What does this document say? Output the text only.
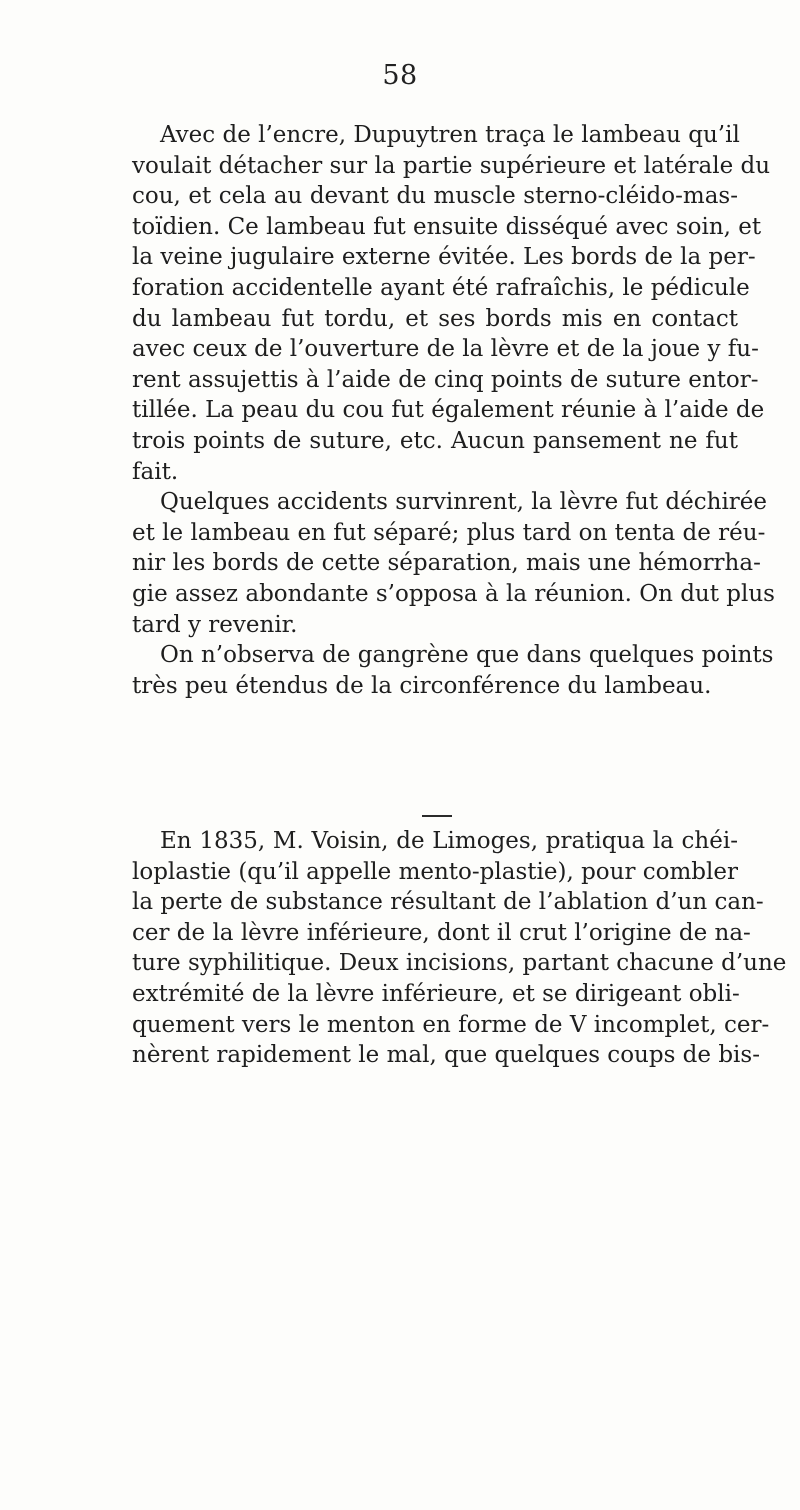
58
Avec de l’encre, Dupuytren traça le lambeau qu’il
voulait détacher sur la partie supérieure et latérale du
cou, et cela au devant du muscle sterno-cléido-mas-
toïdien. Ce lambeau fut ensuite disséqué avec soin, et
la veine jugulaire externe évitée. Les bords de la per-
foration accidentelle ayant été rafraîchis, le pédicule
du lambeau fut tordu, et ses bords mis en contact
avec ceux de l’ouverture de la lèvre et de la joue y fu-
rent assujettis à l’aide de cinq points de suture entor-
tillée. La peau du cou fut également réunie à l’aide de
trois points de suture, etc. Aucun pansement ne fut
fait.
Quelques accidents survinrent, la lèvre fut déchirée
et le lambeau en fut séparé; plus tard on tenta de réu-
nir les bords de cette séparation, mais une hémorrha-
gie assez abondante s’opposa à la réunion. On dut plus
tard y revenir.
On n’observa de gangrène que dans quelques points
très peu étendus de la circonférence du lambeau.
En 1835, M. Voisin, de Limoges, pratiqua la chéi-
loplastie (qu’il appelle mento-plastie), pour combler
la perte de substance résultant de l’ablation d’un can-
cer de la lèvre inférieure, dont il crut l’origine de na-
ture syphilitique. Deux incisions, partant chacune d’une
extrémité de la lèvre inférieure, et se dirigeant obli-
quement vers le menton en forme de V incomplet, cer-
nèrent rapidement le mal, que quelques coups de bis-
